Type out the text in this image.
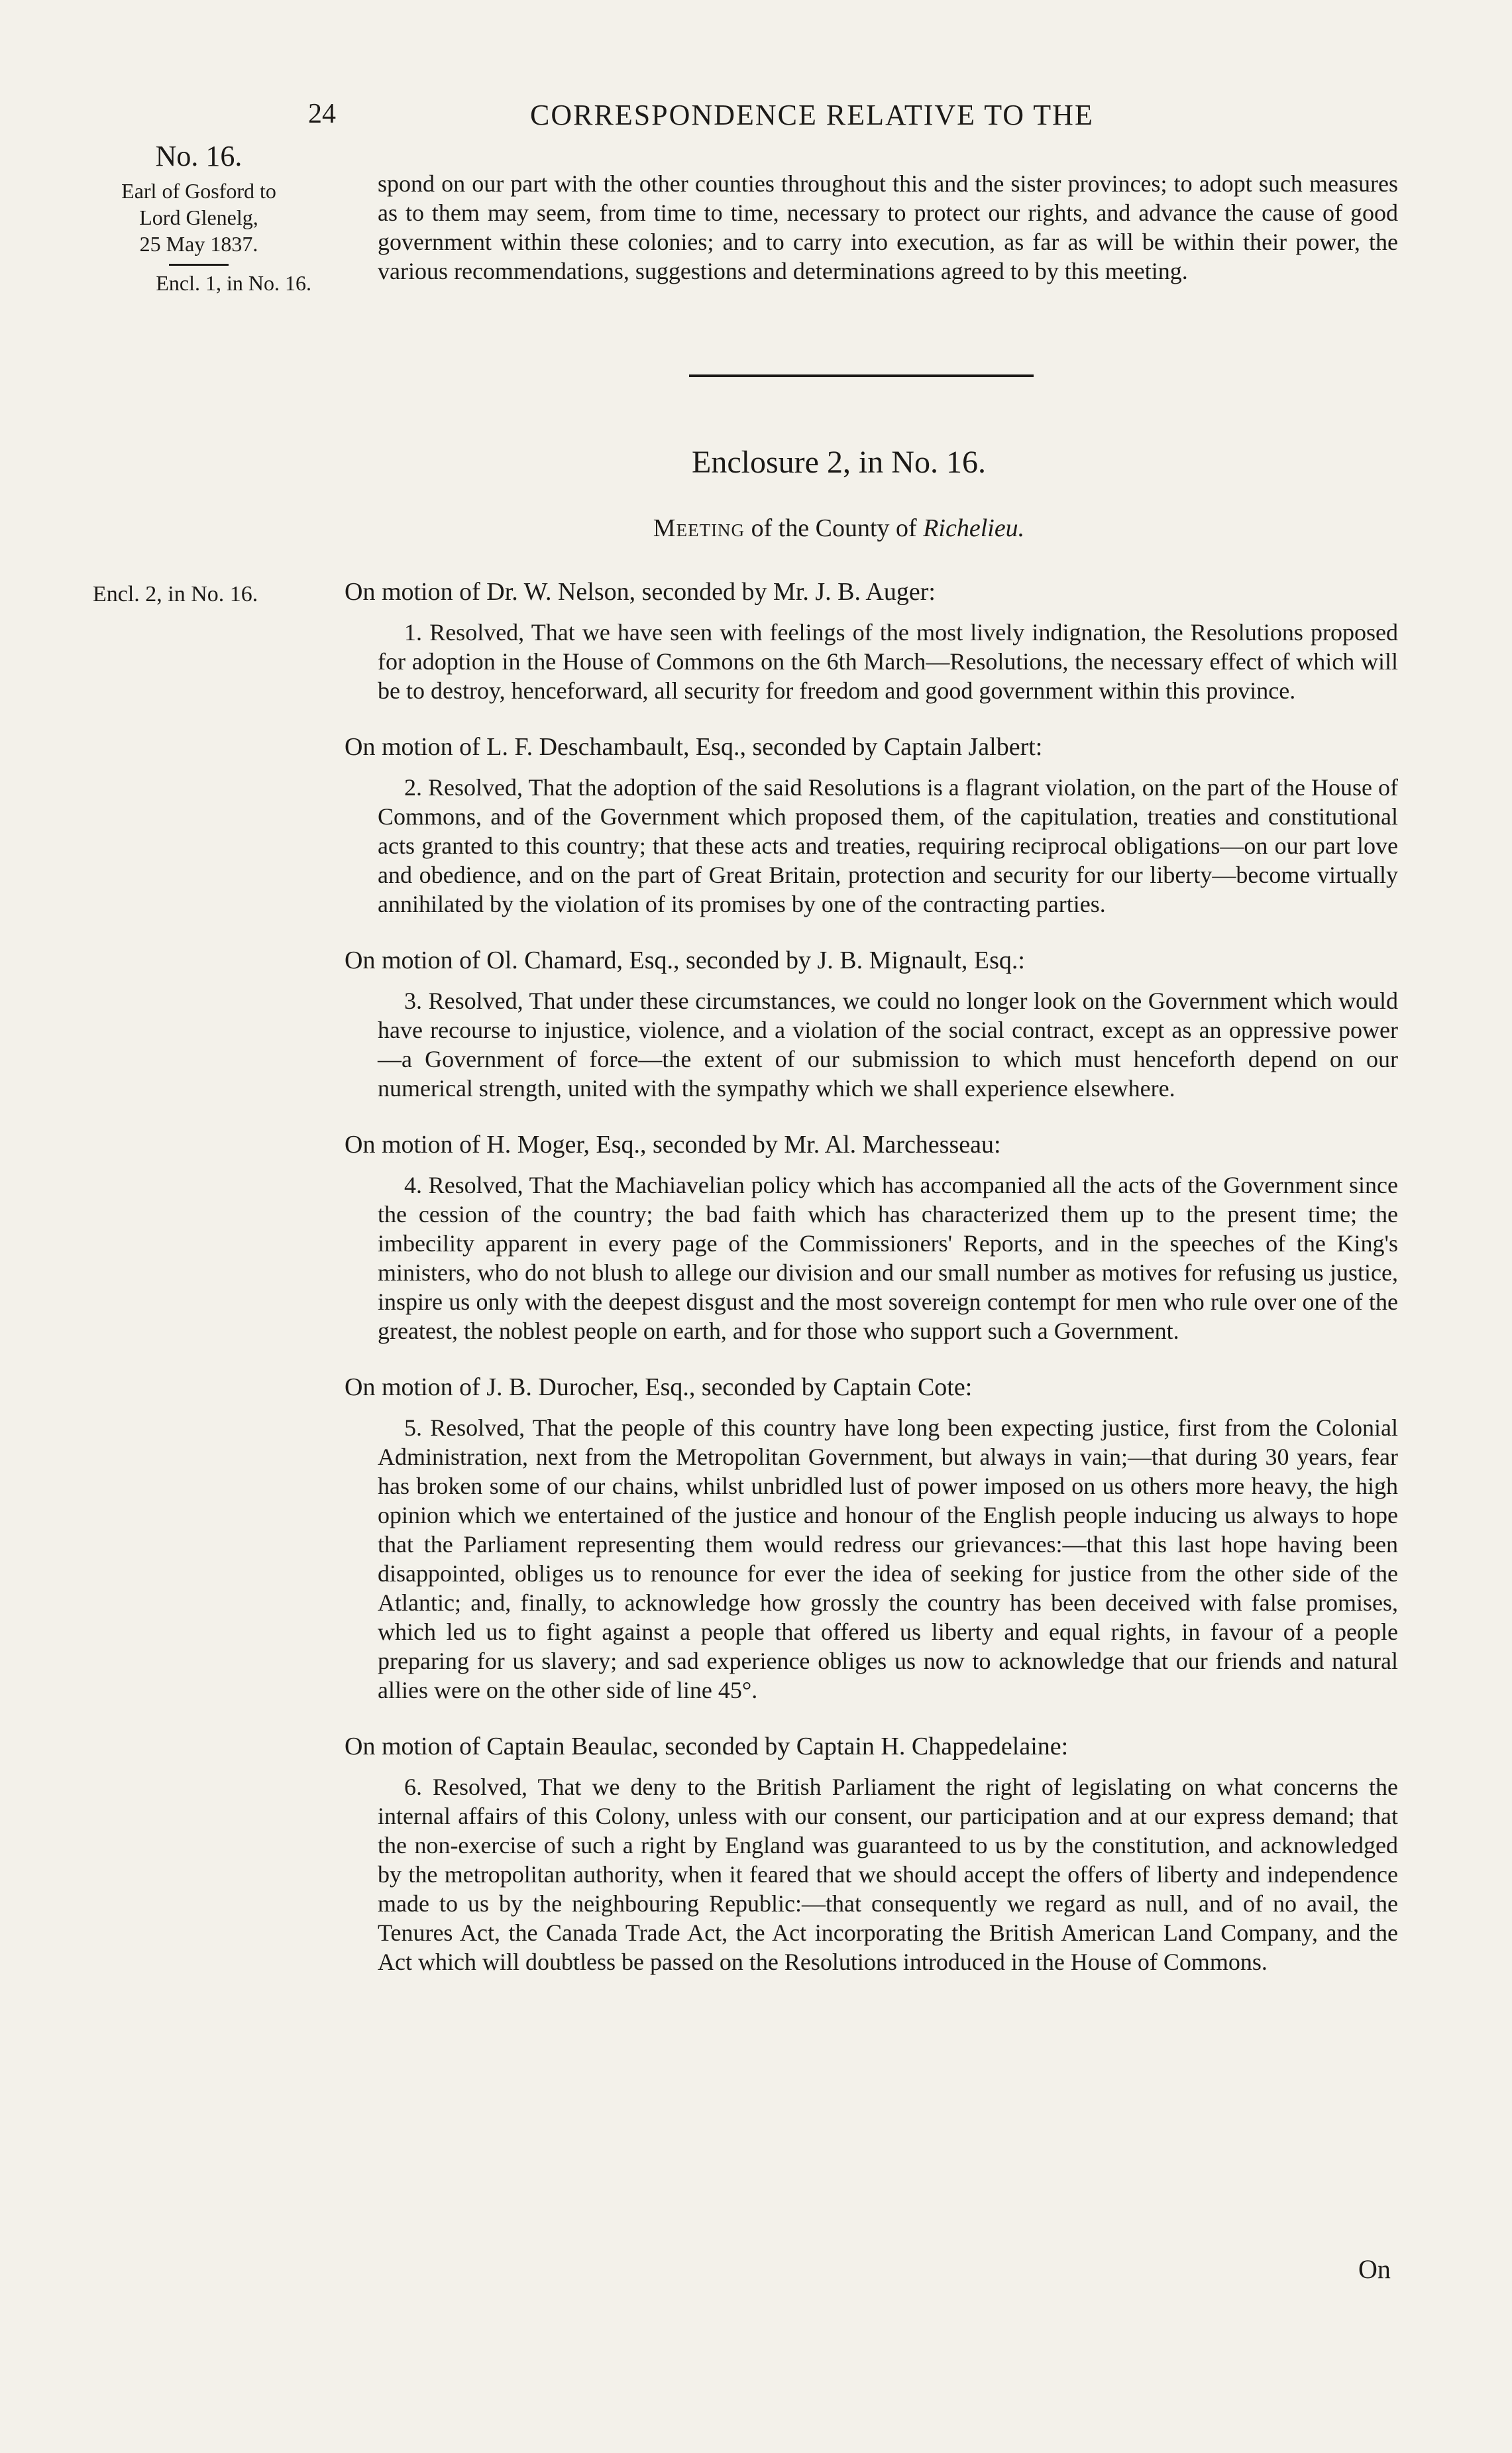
24	CORRESPONDENCE RELATIVE TO THE
No. 16.
Earl of Gosford to
Lord Glenelg,
25 May 1837.
Encl. 1, in No. 16.
Encl. 2, in No. 16.
spond on our part with the other counties throughout this and the sister provinces; to adopt such measures as to them may seem, from time to time, necessary to protect our rights, and advance the cause of good government within these colonies; and to carry into execution, as far as will be within their power, the various recommendations, suggestions and determinations agreed to by this meeting.
Enclosure 2, in No. 16.
Meeting of the County of Richelieu.

On motion of Dr. W. Nelson, seconded by Mr. J. B. Auger:

1. Resolved, That we have seen with feelings of the most lively indignation, the Resolutions proposed for adoption in the House of Commons on the 6th March—Resolutions, the necessary effect of which will be to destroy, henceforward, all security for freedom and good government within this province.

On motion of L. F. Deschambault, Esq., seconded by Captain Jalbert:

2. Resolved, That the adoption of the said Resolutions is a flagrant violation, on the part of the House of Commons, and of the Government which proposed them, of the capitulation, treaties and constitutional acts granted to this country; that these acts and treaties, requiring reciprocal obligations—on our part love and obedience, and on the part of Great Britain, protection and security for our liberty—become virtually annihilated by the violation of its promises by one of the contracting parties.

On motion of Ol. Chamard, Esq., seconded by J. B. Mignault, Esq.:

3. Resolved, That under these circumstances, we could no longer look on the Government which would have recourse to injustice, violence, and a violation of the social contract, except as an oppressive power—a Government of force—the extent of our submission to which must henceforth depend on our numerical strength, united with the sympathy which we shall experience elsewhere.

On motion of H. Moger, Esq., seconded by Mr. Al. Marchesseau:

4. Resolved, That the Machiavelian policy which has accompanied all the acts of the Government since the cession of the country; the bad faith which has characterized them up to the present time; the imbecility apparent in every page of the Commissioners' Reports, and in the speeches of the King's ministers, who do not blush to allege our division and our small number as motives for refusing us justice, inspire us only with the deepest disgust and the most sovereign contempt for men who rule over one of the greatest, the noblest people on earth, and for those who support such a Government.

On motion of J. B. Durocher, Esq., seconded by Captain Cote:

5. Resolved, That the people of this country have long been expecting justice, first from the Colonial Administration, next from the Metropolitan Government, but always in vain;—that during 30 years, fear has broken some of our chains, whilst unbridled lust of power imposed on us others more heavy, the high opinion which we entertained of the justice and honour of the English people inducing us always to hope that the Parliament representing them would redress our grievances:—that this last hope having been disappointed, obliges us to renounce for ever the idea of seeking for justice from the other side of the Atlantic; and, finally, to acknowledge how grossly the country has been deceived with false promises, which led us to fight against a people that offered us liberty and equal rights, in favour of a people preparing for us slavery; and sad experience obliges us now to acknowledge that our friends and natural allies were on the other side of line 45°.

On motion of Captain Beaulac, seconded by Captain H. Chappedelaine:

6. Resolved, That we deny to the British Parliament the right of legislating on what concerns the internal affairs of this Colony, unless with our consent, our participation and at our express demand; that the non-exercise of such a right by England was guaranteed to us by the constitution, and acknowledged by the metropolitan authority, when it feared that we should accept the offers of liberty and independence made to us by the neighbouring Republic:—that consequently we regard as null, and of no avail, the Tenures Act, the Canada Trade Act, the Act incorporating the British American Land Company, and the Act which will doubtless be passed on the Resolutions introduced in the House of Commons.

On
